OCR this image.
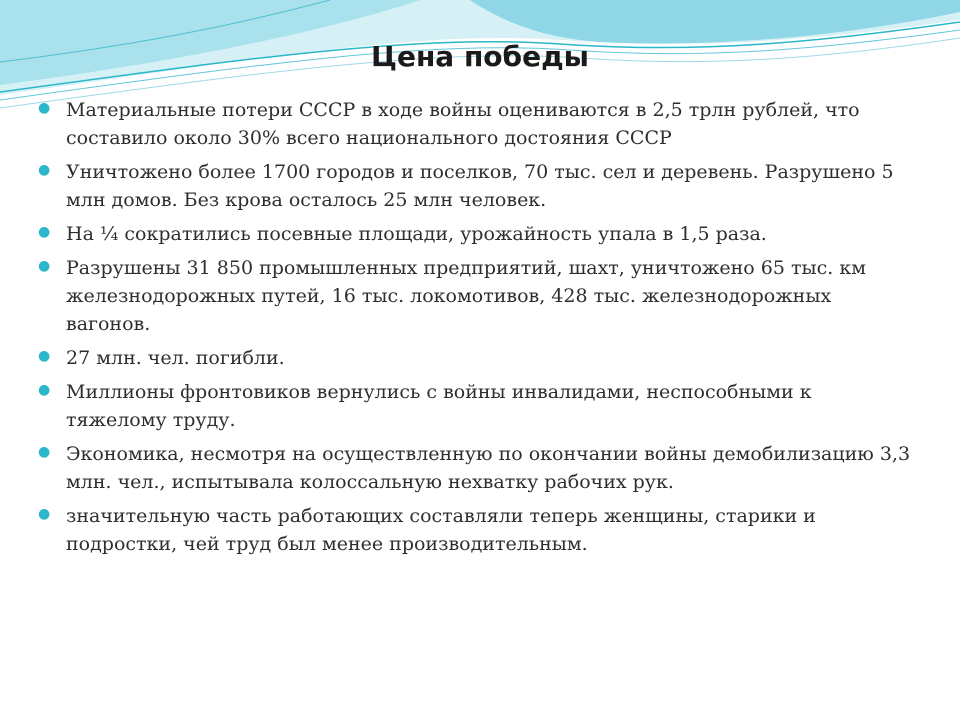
Цена победы
● Материальные потери СССР в ходе войны оцениваются в 2,5 трлн рублей, что составило около 30% всего национального достояния СССР
● Уничтожено более 1700 городов и поселков, 70 тыс. сел и деревень. Разрушено 5 млн домов. Без крова осталось 25 млн человек.
● На ¼ сократились посевные площади, урожайность упала в 1,5 раза.
● Разрушены 31 850 промышленных предприятий, шахт, уничтожено 65 тыс. км железнодорожных путей, 16 тыс. локомотивов, 428 тыс. железнодорожных вагонов.
● 27 млн. чел. погибли.
● Миллионы фронтовиков вернулись с войны инвалидами, неспособными к тяжелому труду.
● Экономика, несмотря на осуществленную по окончании войны демобилизацию 3,3 млн. чел., испытывала колоссальную нехватку рабочих рук.
● значительную часть работающих составляли теперь женщины, старики и подростки, чей труд был менее производительным.
